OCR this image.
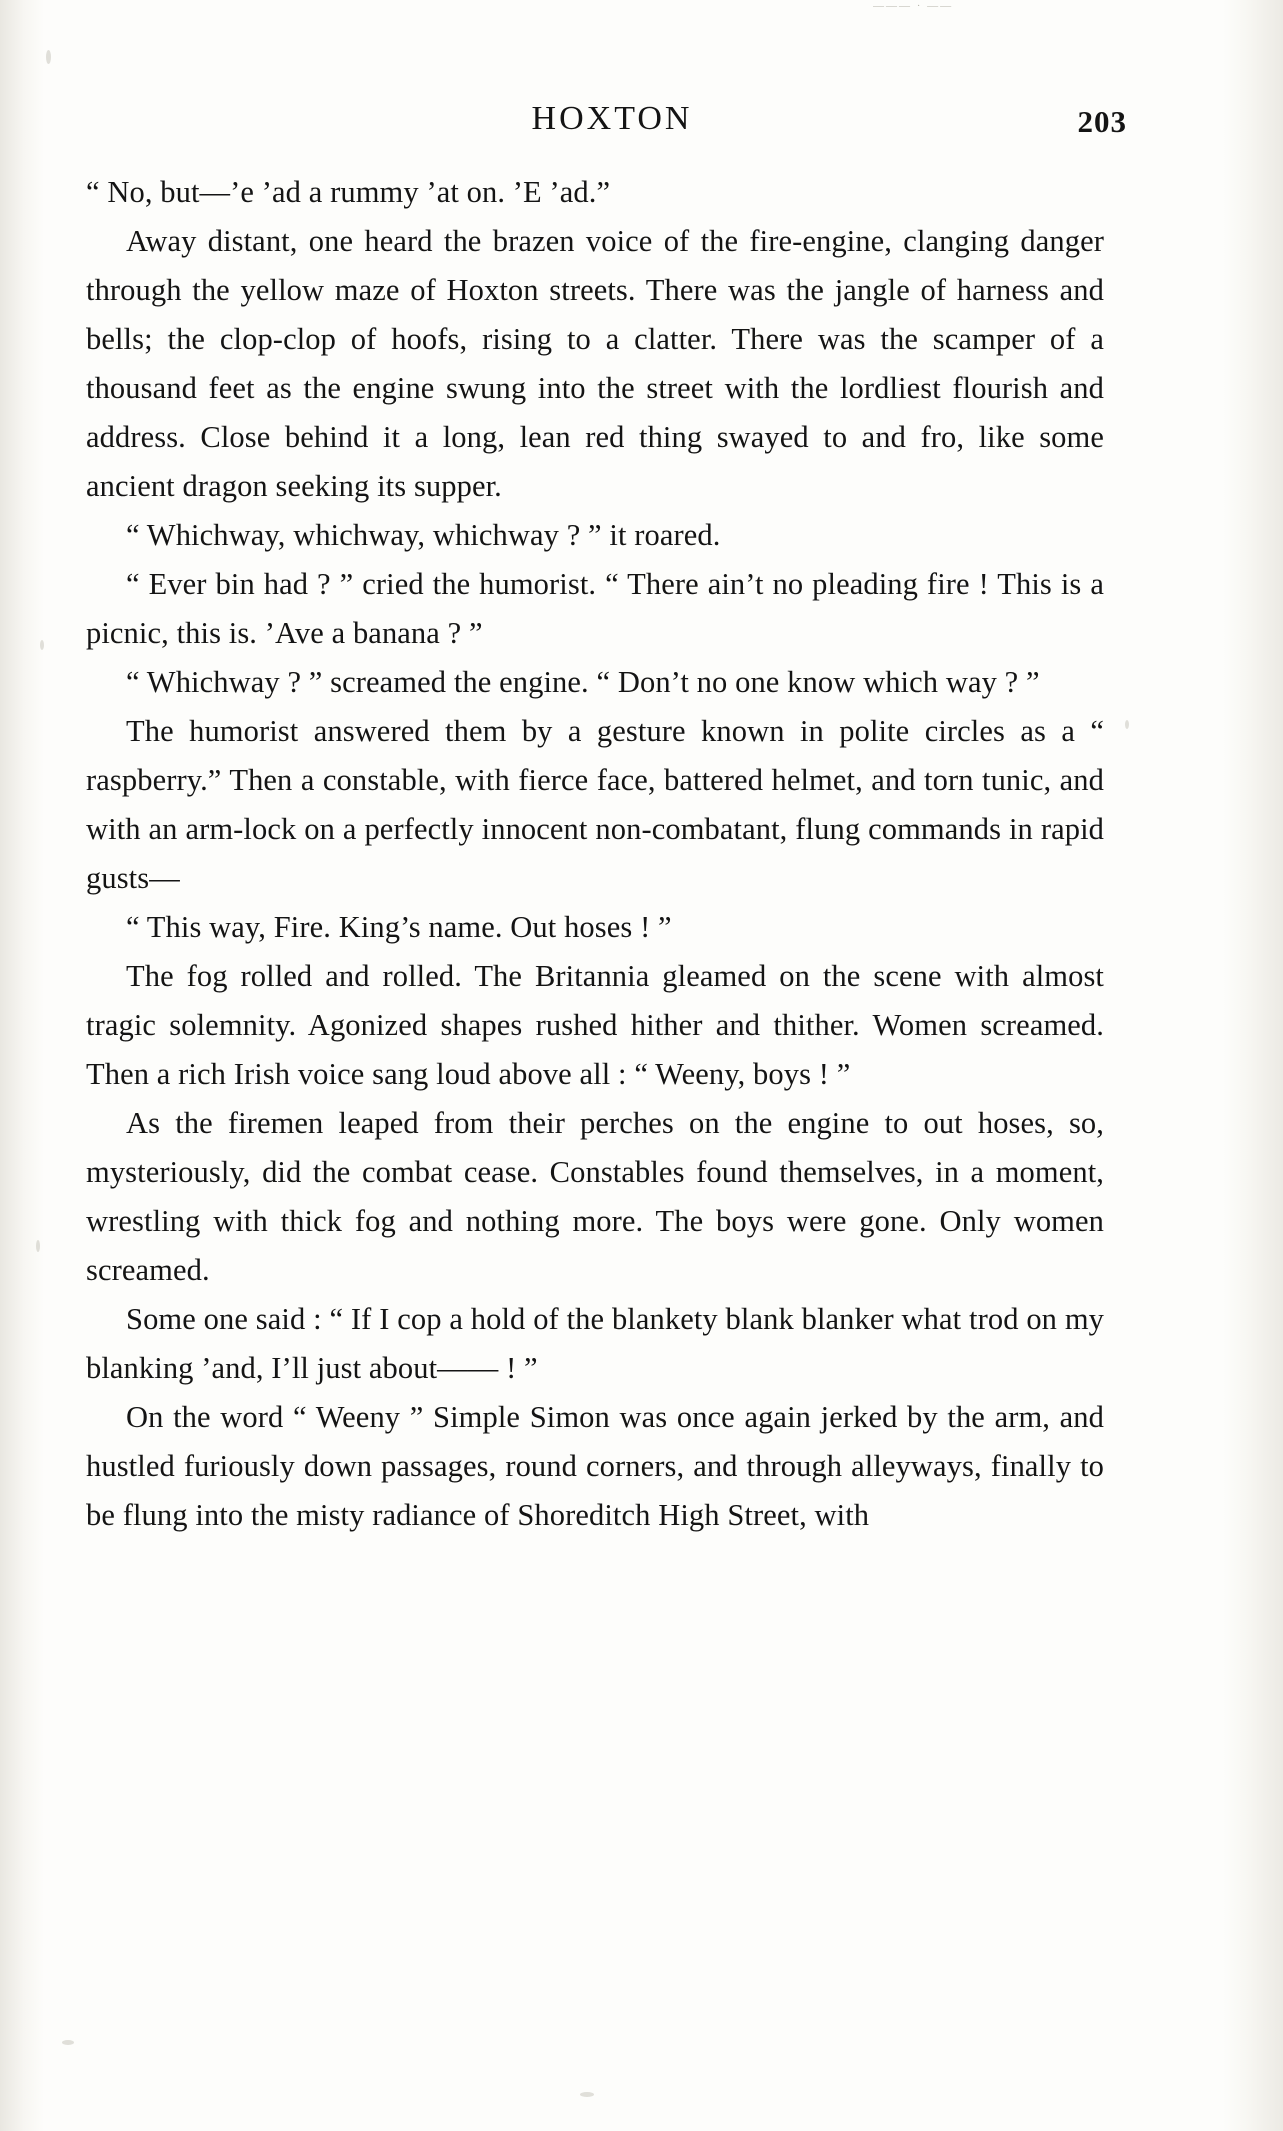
——— · ——
HOXTON	203

“ No, but—’e ’ad a rummy ’at on. ’E ’ad.”

Away distant, one heard the brazen voice of the fire-engine, clanging danger through the yellow maze of Hoxton streets. There was the jangle of harness and bells; the clop-clop of hoofs, rising to a clatter. There was the scamper of a thousand feet as the engine swung into the street with the lordliest flourish and address. Close behind it a long, lean red thing swayed to and fro, like some ancient dragon seeking its supper.

“ Whichway, whichway, whichway ? ” it roared.

“ Ever bin had ? ” cried the humorist. “ There ain’t no pleading fire ! This is a picnic, this is. ’Ave a banana ? ”

“ Whichway ? ” screamed the engine. “ Don’t no one know which way ? ”

The humorist answered them by a gesture known in polite circles as a “ raspberry.” Then a constable, with fierce face, battered helmet, and torn tunic, and with an arm-lock on a perfectly innocent non-combatant, flung commands in rapid gusts—

“ This way, Fire. King’s name. Out hoses ! ”

The fog rolled and rolled. The Britannia gleamed on the scene with almost tragic solemnity. Agonized shapes rushed hither and thither. Women screamed. Then a rich Irish voice sang loud above all : “ Weeny, boys ! ”

As the firemen leaped from their perches on the engine to out hoses, so, mysteriously, did the combat cease. Constables found themselves, in a moment, wrestling with thick fog and nothing more. The boys were gone. Only women screamed.

Some one said : “ If I cop a hold of the blankety blank blanker what trod on my blanking ’and, I’ll just about—— ! ”

On the word “ Weeny ” Simple Simon was once again jerked by the arm, and hustled furiously down passages, round corners, and through alleyways, finally to be flung into the misty radiance of Shoreditch High Street, with
